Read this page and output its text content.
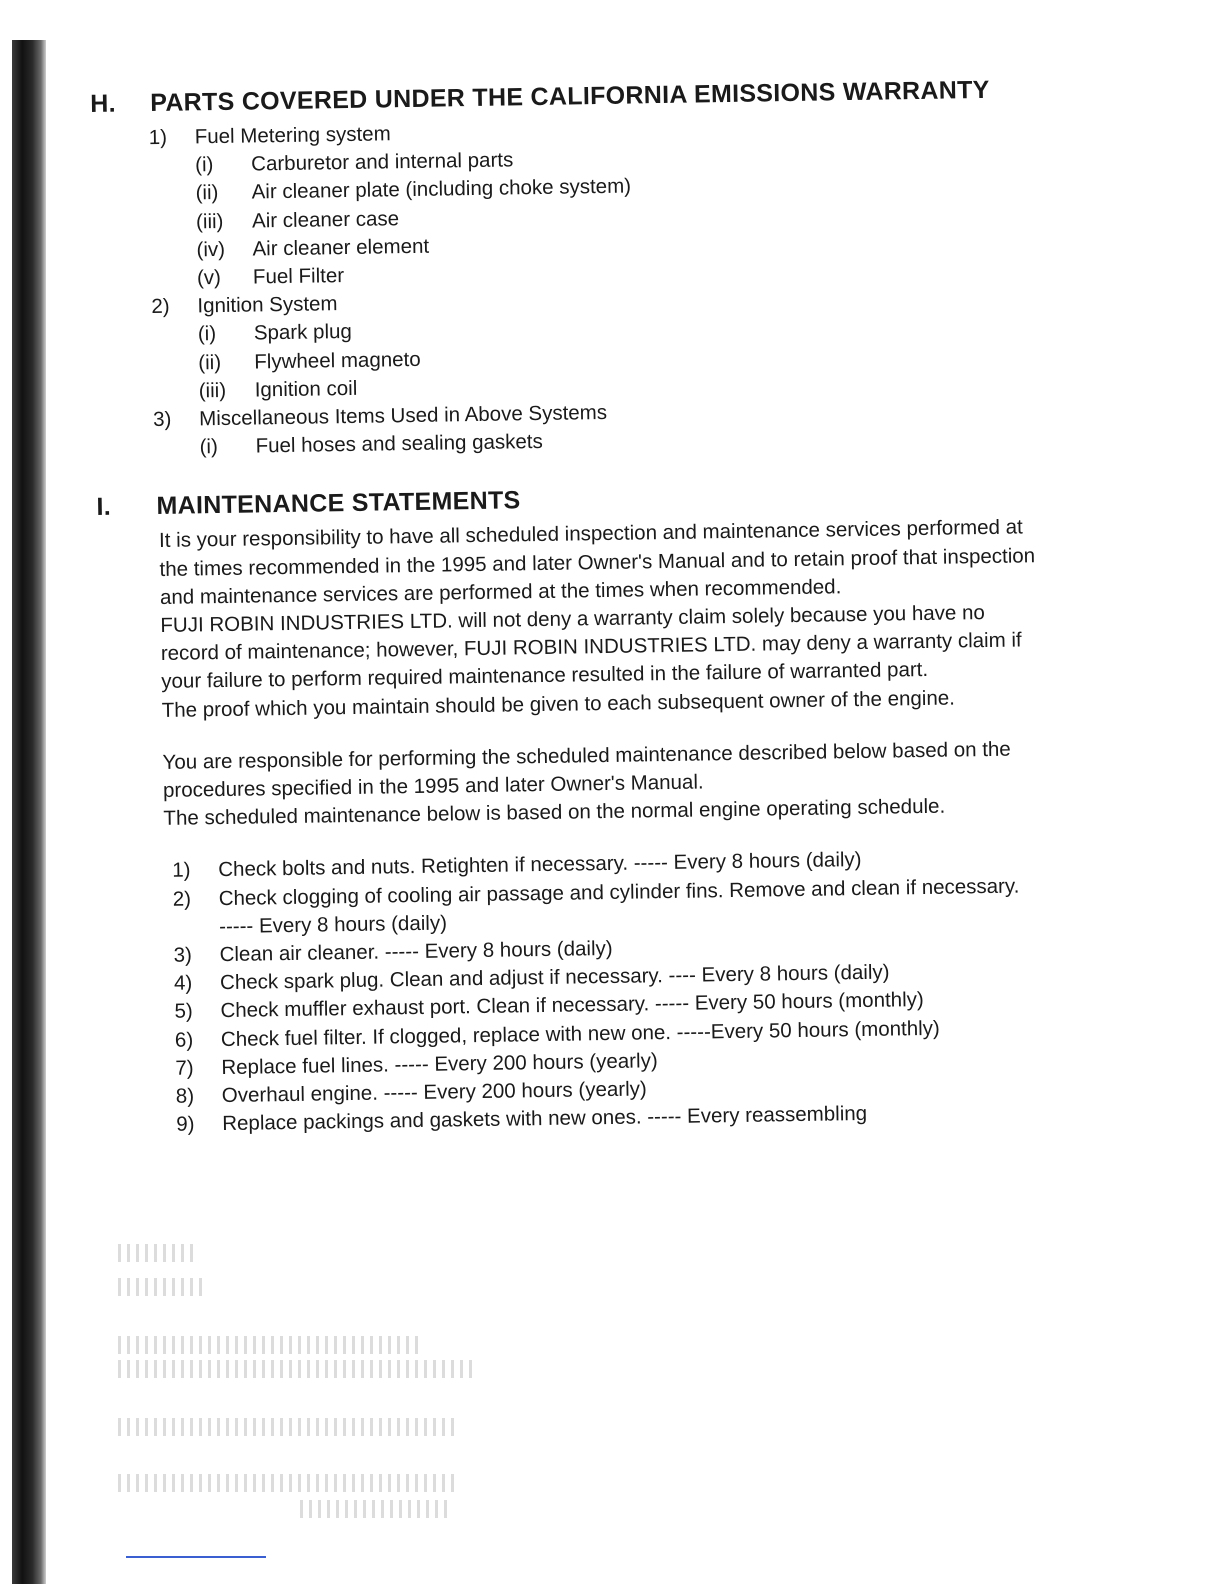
H.	PARTS COVERED UNDER THE CALIFORNIA EMISSIONS WARRANTY
1)	Fuel Metering system
(i)	Carburetor and internal parts
(ii)	Air cleaner plate (including choke system)
(iii)	Air cleaner case
(iv)	Air cleaner element
(v)	Fuel Filter
2)	Ignition System
(i)	Spark plug
(ii)	Flywheel magneto
(iii)	Ignition coil
3)	Miscellaneous Items Used in Above Systems
(i)	Fuel hoses and sealing gaskets
I.	MAINTENANCE STATEMENTS

It is your responsibility to have all scheduled inspection and maintenance services performed at
the times recommended in the 1995 and later Owner's Manual and to retain proof that inspection
and maintenance services are performed at the times when recommended.
FUJI ROBIN INDUSTRIES LTD. will not deny a warranty claim solely because you have no
record of maintenance; however, FUJI ROBIN INDUSTRIES LTD. may deny a warranty claim if
your failure to perform required maintenance resulted in the failure of warranted part.
The proof which you maintain should be given to each subsequent owner of the engine.

You are responsible for performing the scheduled maintenance described below based on the
procedures specified in the 1995 and later Owner's Manual.
The scheduled maintenance below is based on the normal engine operating schedule.

1)	Check bolts and nuts. Retighten if necessary. ----- Every 8 hours (daily)
2)	Check clogging of cooling air passage and cylinder fins. Remove and clean if necessary.
----- Every 8 hours (daily)
3)	Clean air cleaner. ----- Every 8 hours (daily)
4)	Check spark plug. Clean and adjust if necessary. ---- Every 8 hours (daily)
5)	Check muffler exhaust port. Clean if necessary. ----- Every 50 hours (monthly)
6)	Check fuel filter. If clogged, replace with new one. -----Every 50 hours (monthly)
7)	Replace fuel lines. ----- Every 200 hours (yearly)
8)	Overhaul engine. ----- Every 200 hours (yearly)
9)	Replace packings and gaskets with new ones. ----- Every reassembling
